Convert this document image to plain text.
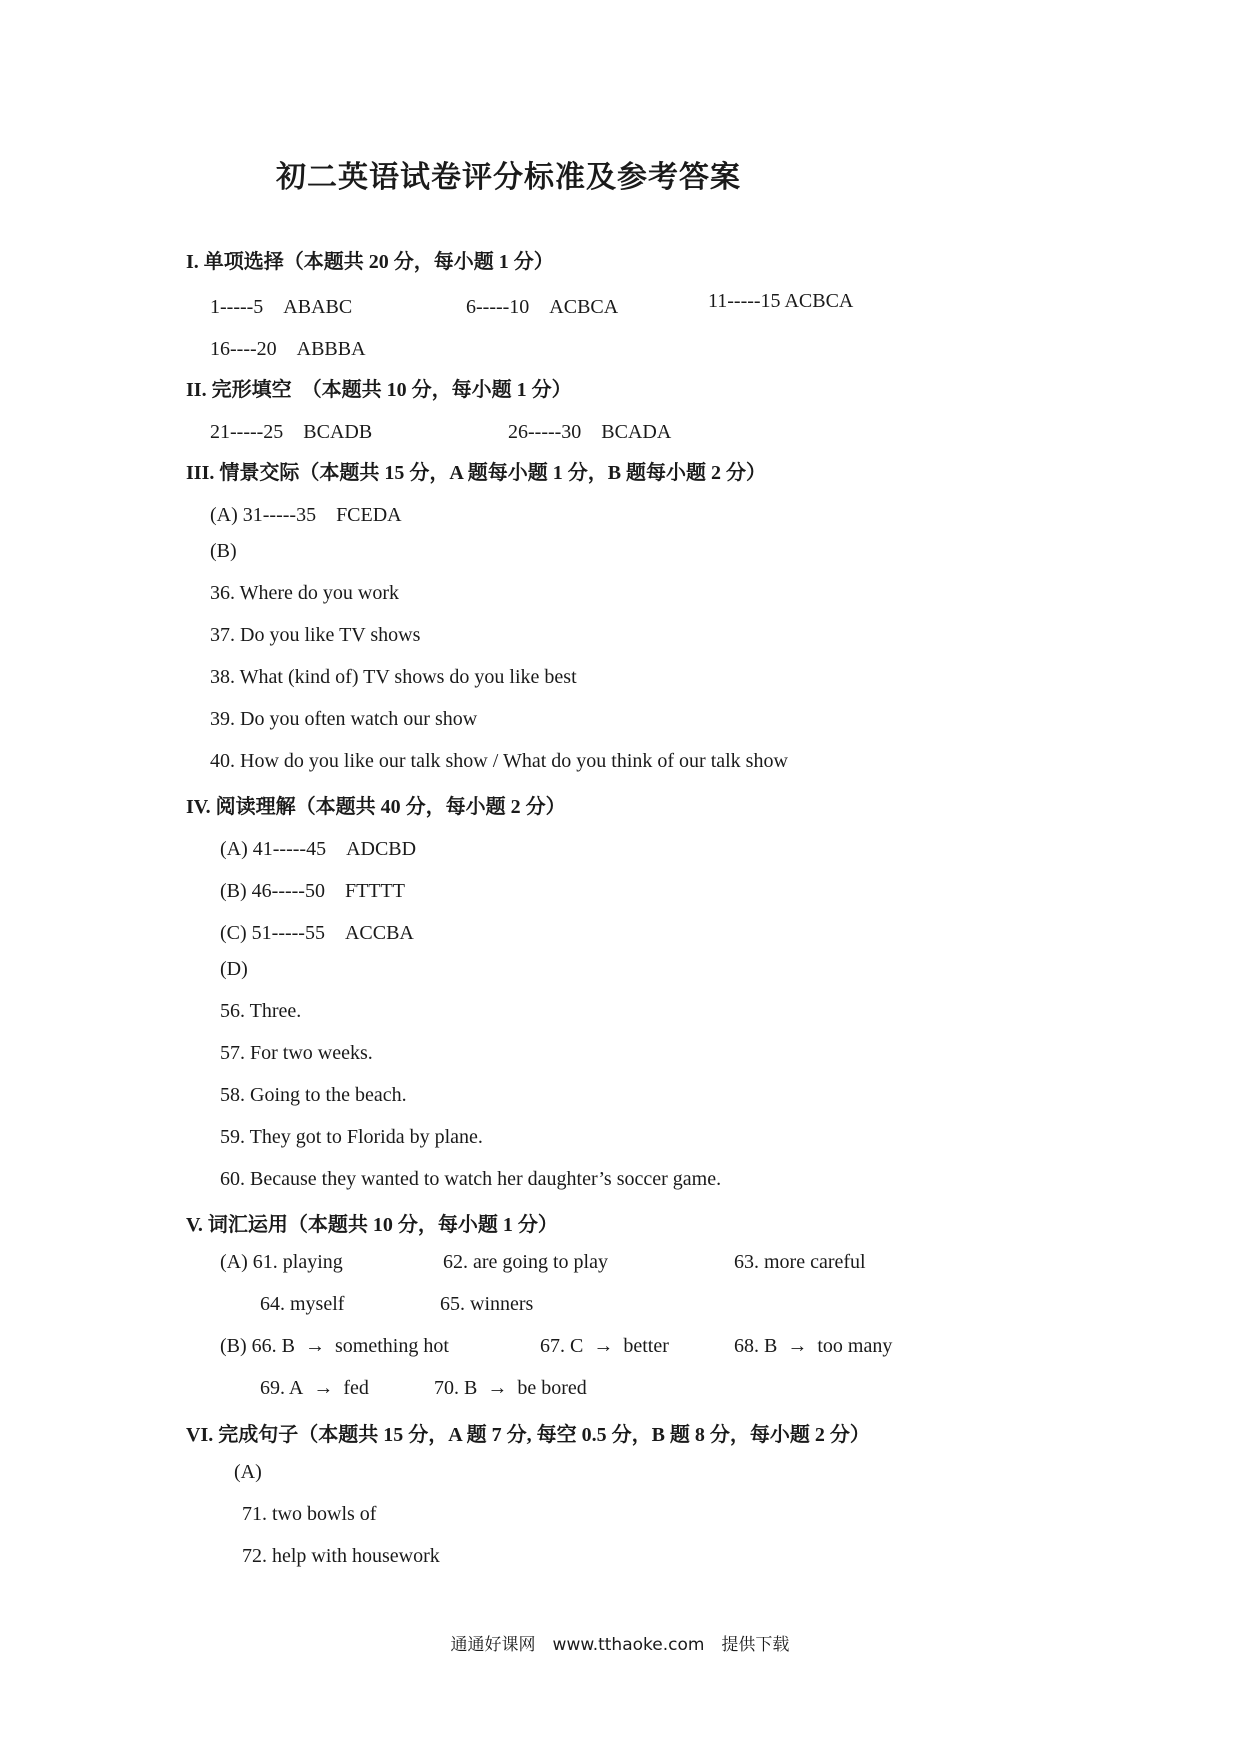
初二英语试卷评分标准及参考答案
I. 单项选择（本题共 20 分，每小题 1 分）
1-----5　ABABC	6-----10　ACBCA	11-----15 ACBCA
16----20　ABBBA
II. 完形填空　（本题共 10 分，每小题 1 分）
21-----25　BCADB	26-----30　BCADA
III. 情景交际（本题共 15 分，A 题每小题 1 分，B 题每小题 2 分）
(A) 31-----35　FCEDA
(B)
36. Where do you work
37. Do you like TV shows
38. What (kind of) TV shows do you like best
39. Do you often watch our show
40. How do you like our talk show / What do you think of our talk show
IV. 阅读理解（本题共 40 分，每小题 2 分）
(A) 41-----45　ADCBD
(B) 46-----50　FTTTT
(C) 51-----55　ACCBA
(D)
56. Three.
57. For two weeks.
58. Going to the beach.
59. They got to Florida by plane.
60. Because they wanted to watch her daughter’s soccer game.
V. 词汇运用（本题共 10 分，每小题 1 分）
(A) 61. playing	62. are going to play	63. more careful
64. myself	65. winners
(B) 66. B → something hot	67. C → better	68. B → too many
69. A → fed	70. B → be bored
VI. 完成句子（本题共 15 分，A 题 7 分, 每空 0.5 分，B 题 8 分，每小题 2 分）
(A)
71. two bowls of
72. help with housework
通通好课网　www.tthaoke.com　提供下载
